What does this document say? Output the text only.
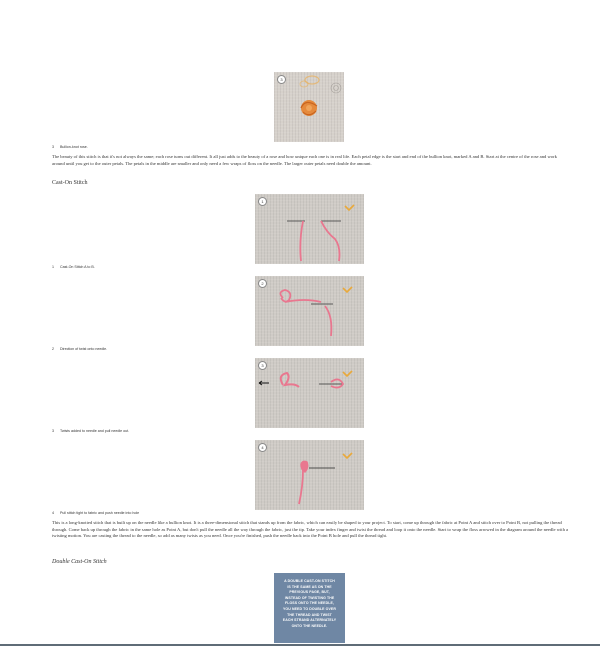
3
3 Bullion-knot rose.
The beauty of this stitch is that it's not always the same; each rose turns out different. It all just adds to the beauty of a rose and how unique each one is in real life. Each petal edge is the start and end of the bullion knot, marked A and B. Start at the centre of the rose and work around until you get to the outer petals. The petals in the middle are smaller and only need a few wraps of floss on the needle. The larger outer petals need double the amount.
Cast-On Stitch
1
1 Cast-On Stitch A to B.
2
2 Direction of twist onto needle.
3
3 Twists added to needle and pull needle out.
4
4 Pull stitch tight to fabric and push needle into hole
This is a long-knotted stitch that is built up on the needle like a bullion knot. It is a three-dimensional stitch that stands up from the fabric, which can easily be shaped to your project. To start, come up through the fabric at Point A and stitch over to Point B, not pulling the thread through. Come back up through the fabric in the same hole as Point A, but don't pull the needle all the way through the fabric, just the tip. Take your index finger and twist the thread and loop it onto the needle. Start to wrap the floss arrowed in the diagram around the needle with a twisting motion. You are casting the thread to the needle, so add as many twists as you need. Once you're finished, push the needle back into the Point B hole and pull the thread tight.
Double Cast-On Stitch
A DOUBLE CAST-ON STITCH
IS THE SAME AS ON THE
PREVIOUS PAGE, BUT,
INSTEAD OF TWISTING THE
FLOSS ONTO THE NEEDLE,
YOU NEED TO DOUBLE OVER
THE THREAD AND TWIST
EACH STRAND ALTERNATELY
ONTO THE NEEDLE.
